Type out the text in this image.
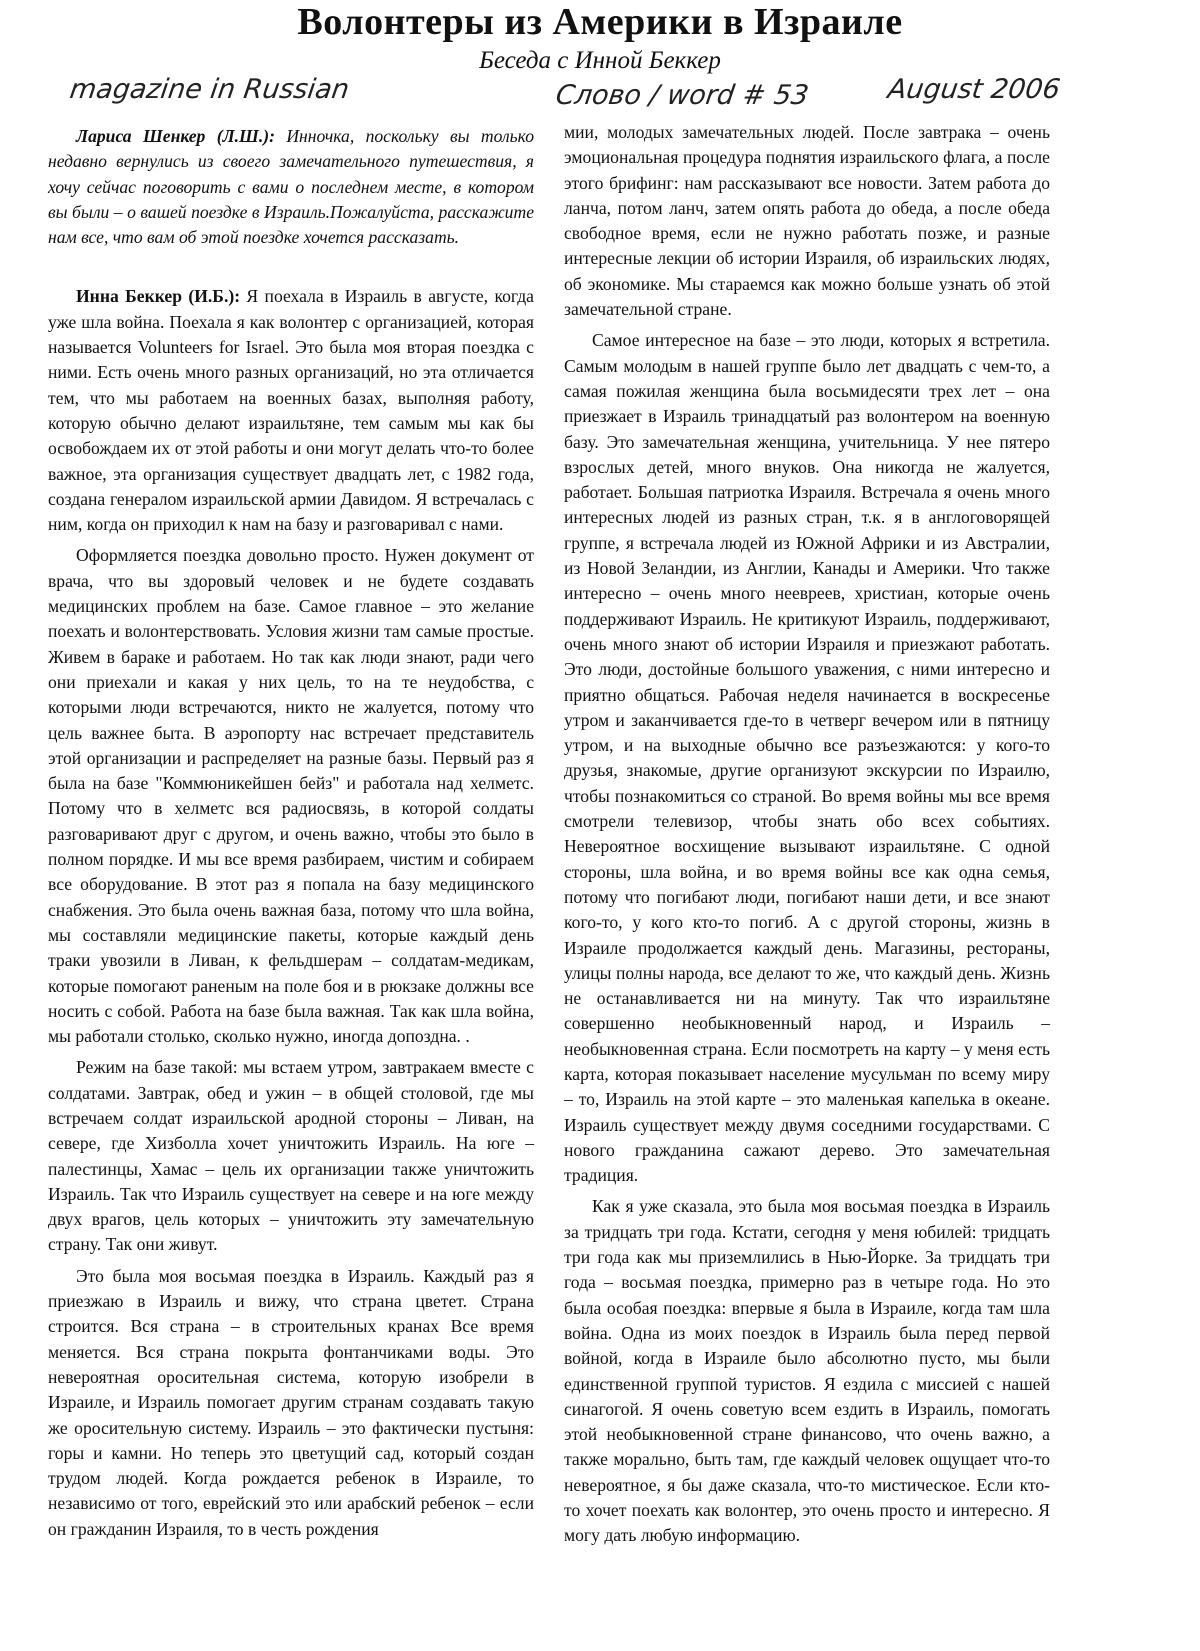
Волонтеры из Америки в Израиле
Беседа с Инной Беккер
magazine in Russian	Слово / word # 53	August 2006

Лариса Шенкер (Л.Ш.): Инночка, поскольку вы только недавно вернулись из своего замечательного путешествия, я хочу сейчас поговорить с вами о последнем месте, в котором вы были – о вашей поездке в Израиль.Пожалуйста, расскажите нам все, что вам об этой поездке хочется рассказать.

Инна Беккер (И.Б.): Я поехала в Израиль в августе, когда уже шла война. Поехала я как волонтер с организацией, которая называется Volunteers for Israel. Это была моя вторая поездка с ними. Есть очень много разных организаций, но эта отличается тем, что мы работаем на военных базах, выполняя работу, которую обычно делают израильтяне, тем самым мы как бы освобождаем их от этой работы и они могут делать что-то более важное, эта организация существует двадцать лет, с 1982 года, создана генералом израильской армии Давидом. Я встречалась с ним, когда он приходил к нам на базу и разговаривал с нами.

Оформляется поездка довольно просто. Нужен документ от врача, что вы здоровый человек и не будете создавать медицинских проблем на базе. Самое главное – это желание поехать и волонтерствовать. Условия жизни там самые простые. Живем в бараке и работаем. Но так как люди знают, ради чего они приехали и какая у них цель, то на те неудобства, с которыми люди встречаются, никто не жалуется, потому что цель важнее быта. В аэропорту нас встречает представитель этой организации и распределяет на разные базы. Первый раз я была на базе "Коммюникейшен бейз" и работала над хелметс. Потому что в хелметс вся радиосвязь, в которой солдаты разговаривают друг с другом, и очень важно, чтобы это было в полном порядке. И мы все время разбираем, чистим и собираем все оборудование. В этот раз я попала на базу медицинского снабжения. Это была очень важная база, потому что шла война, мы составляли медицинские пакеты, которые каждый день траки увозили в Ливан, к фельдшерам – солдатам-медикам, которые помогают раненым на поле боя и в рюкзаке должны все носить с собой. Работа на базе была важная. Так как шла война, мы работали столько, сколько нужно, иногда допоздна. .

Режим на базе такой: мы встаем утром, завтракаем вместе с солдатами. Завтрак, обед и ужин – в общей столовой, где мы встречаем солдат израильской ародной стороны – Ливан, на севере, где Хизболла хочет уничтожить Израиль. На юге – палестинцы, Хамас – цель их организации также уничтожить Израиль. Так что Израиль существует на севере и на юге между двух врагов, цель которых – уничтожить эту замечательную страну. Так они живут.

Это была моя восьмая поездка в Израиль. Каждый раз я приезжаю в Израиль и вижу, что страна цветет. Страна строится. Вся страна – в строительных кранах Все время меняется. Вся страна покрыта фонтанчиками воды. Это невероятная оросительная система, которую изобрели в Израиле, и Израиль помогает другим странам создавать такую же оросительную систему. Израиль – это фактически пустыня: горы и камни. Но теперь это цветущий сад, который создан трудом людей. Когда рождается ребенок в Израиле, то независимо от того, еврейский это или арабский ребенок – если он гражданин Израиля, то в честь рождения

мии, молодых замечательных людей. После завтрака – очень эмоциональная процедура поднятия израильского флага, а после этого брифинг: нам рассказывают все новости. Затем работа до ланча, потом ланч, затем опять работа до обеда, а после обеда свободное время, если не нужно работать позже, и разные интересные лекции об истории Израиля, об израильских людях, об экономике. Мы стараемся как можно больше узнать об этой замечательной стране.

Самое интересное на базе – это люди, которых я встретила. Самым молодым в нашей группе было лет двадцать с чем-то, а самая пожилая женщина была восьмидесяти трех лет – она приезжает в Израиль тринадцатый раз волонтером на военную базу. Это замечательная женщина, учительница. У нее пятеро взрослых детей, много внуков. Она никогда не жалуется, работает. Большая патриотка Израиля. Встречала я очень много интересных людей из разных стран, т.к. я в англоговорящей группе, я встречала людей из Южной Африки и из Австралии, из Новой Зеландии, из Англии, Канады и Америки. Что также интересно – очень много неевреев, христиан, которые очень поддерживают Израиль. Не критикуют Израиль, поддерживают, очень много знают об истории Израиля и приезжают работать. Это люди, достойные большого уважения, с ними интересно и приятно общаться. Рабочая неделя начинается в воскресенье утром и заканчивается где-то в четверг вечером или в пятницу утром, и на выходные обычно все разъезжаются: у кого-то друзья, знакомые, другие организуют экскурсии по Израилю, чтобы познакомиться со страной. Во время войны мы все время смотрели телевизор, чтобы знать обо всех событиях. Невероятное восхищение вызывают израильтяне. С одной стороны, шла война, и во время войны все как одна семья, потому что погибают люди, погибают наши дети, и все знают кого-то, у кого кто-то погиб. А с другой стороны, жизнь в Израиле продолжается каждый день. Магазины, рестораны, улицы полны народа, все делают то же, что каждый день. Жизнь не останавливается ни на минуту. Так что израильтяне совершенно необыкновенный народ, и Израиль – необыкновенная страна. Если посмотреть на карту – у меня есть карта, которая показывает население мусульман по всему миру – то, Израиль на этой карте – это маленькая капелька в океане. Израиль существует между двумя соседними государствами. С нового гражданина сажают дерево. Это замечательная традиция.

Как я уже сказала, это была моя восьмая поездка в Израиль за тридцать три года. Кстати, сегодня у меня юбилей: тридцать три года как мы приземлились в Нью-Йорке. За тридцать три года – восьмая поездка, примерно раз в четыре года. Но это была особая поездка: впервые я была в Израиле, когда там шла война. Одна из моих поездок в Израиль была перед первой войной, когда в Израиле было абсолютно пусто, мы были единственной группой туристов. Я ездила с миссией с нашей синагогой. Я очень советую всем ездить в Израиль, помогать этой необыкновенной стране финансово, что очень важно, а также морально, быть там, где каждый человек ощущает что-то невероятное, я бы даже сказала, что-то мистическое. Если кто-то хочет поехать как волонтер, это очень просто и интересно. Я могу дать любую информацию.
